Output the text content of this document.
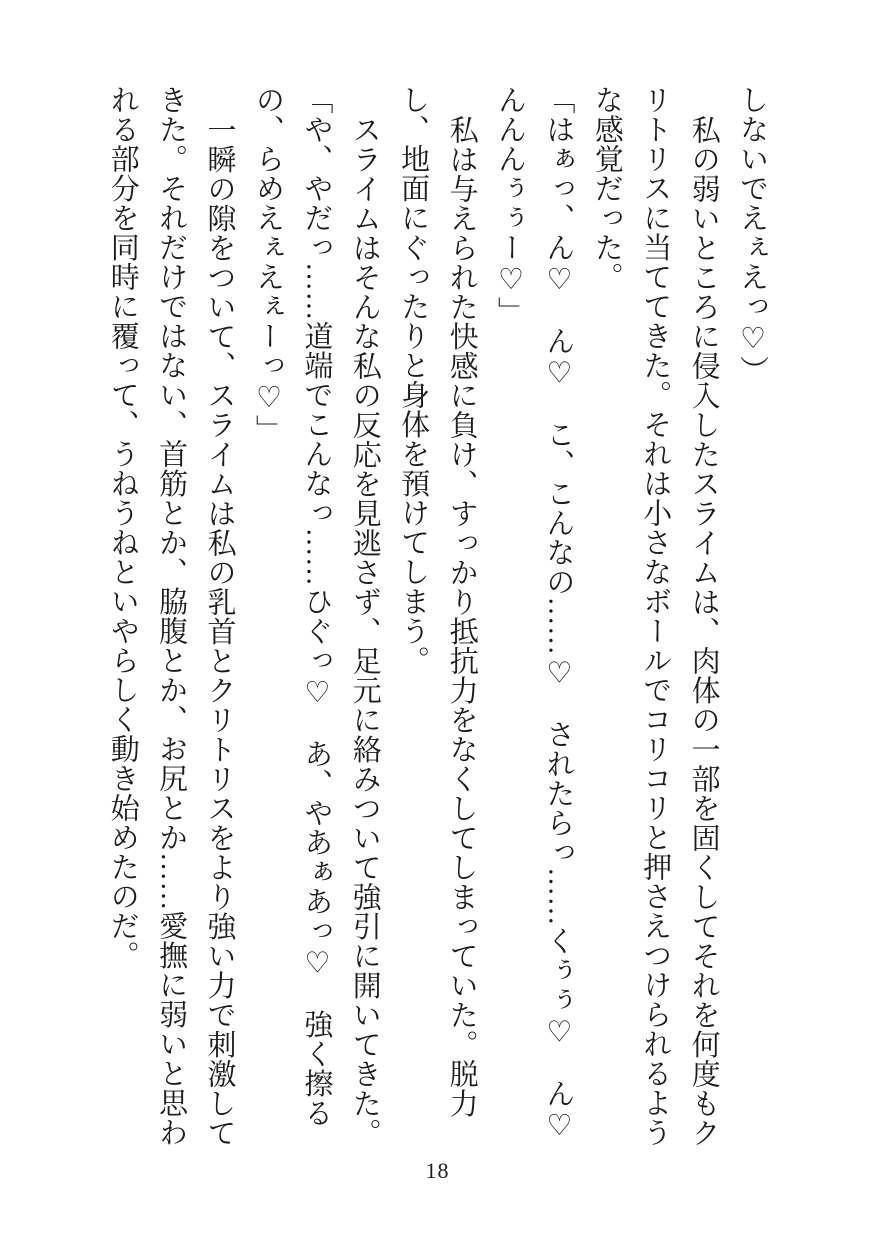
しないでえぇえっ♡）

私の弱いところに侵入したスライムは、肉体の一部を固くしてそれを何度もクリトリスに当ててきた。それは小さなボールでコリコリと押さえつけられるような感覚だった。

「はぁっ、ん♡　ん♡　こ、こんなの……♡　されたらっ……くぅぅ♡　ん♡んんんぅぅー♡」

私は与えられた快感に負け、すっかり抵抗力をなくしてしまっていた。脱力し、地面にぐったりと身体を預けてしまう。

スライムはそんな私の反応を見逃さず、足元に絡みついて強引に開いてきた。

「や、やだっ……道端でこんなっ……ひぐっ♡　あ、やあぁあっ♡　強く擦るの、らめえぇえぇーっ♡」

一瞬の隙をついて、スライムは私の乳首とクリトリスをより強い力で刺激してきた。それだけではない、首筋とか、脇腹とか、お尻とか……愛撫に弱いと思われる部分を同時に覆って、うねうねといやらしく動き始めたのだ。

18
